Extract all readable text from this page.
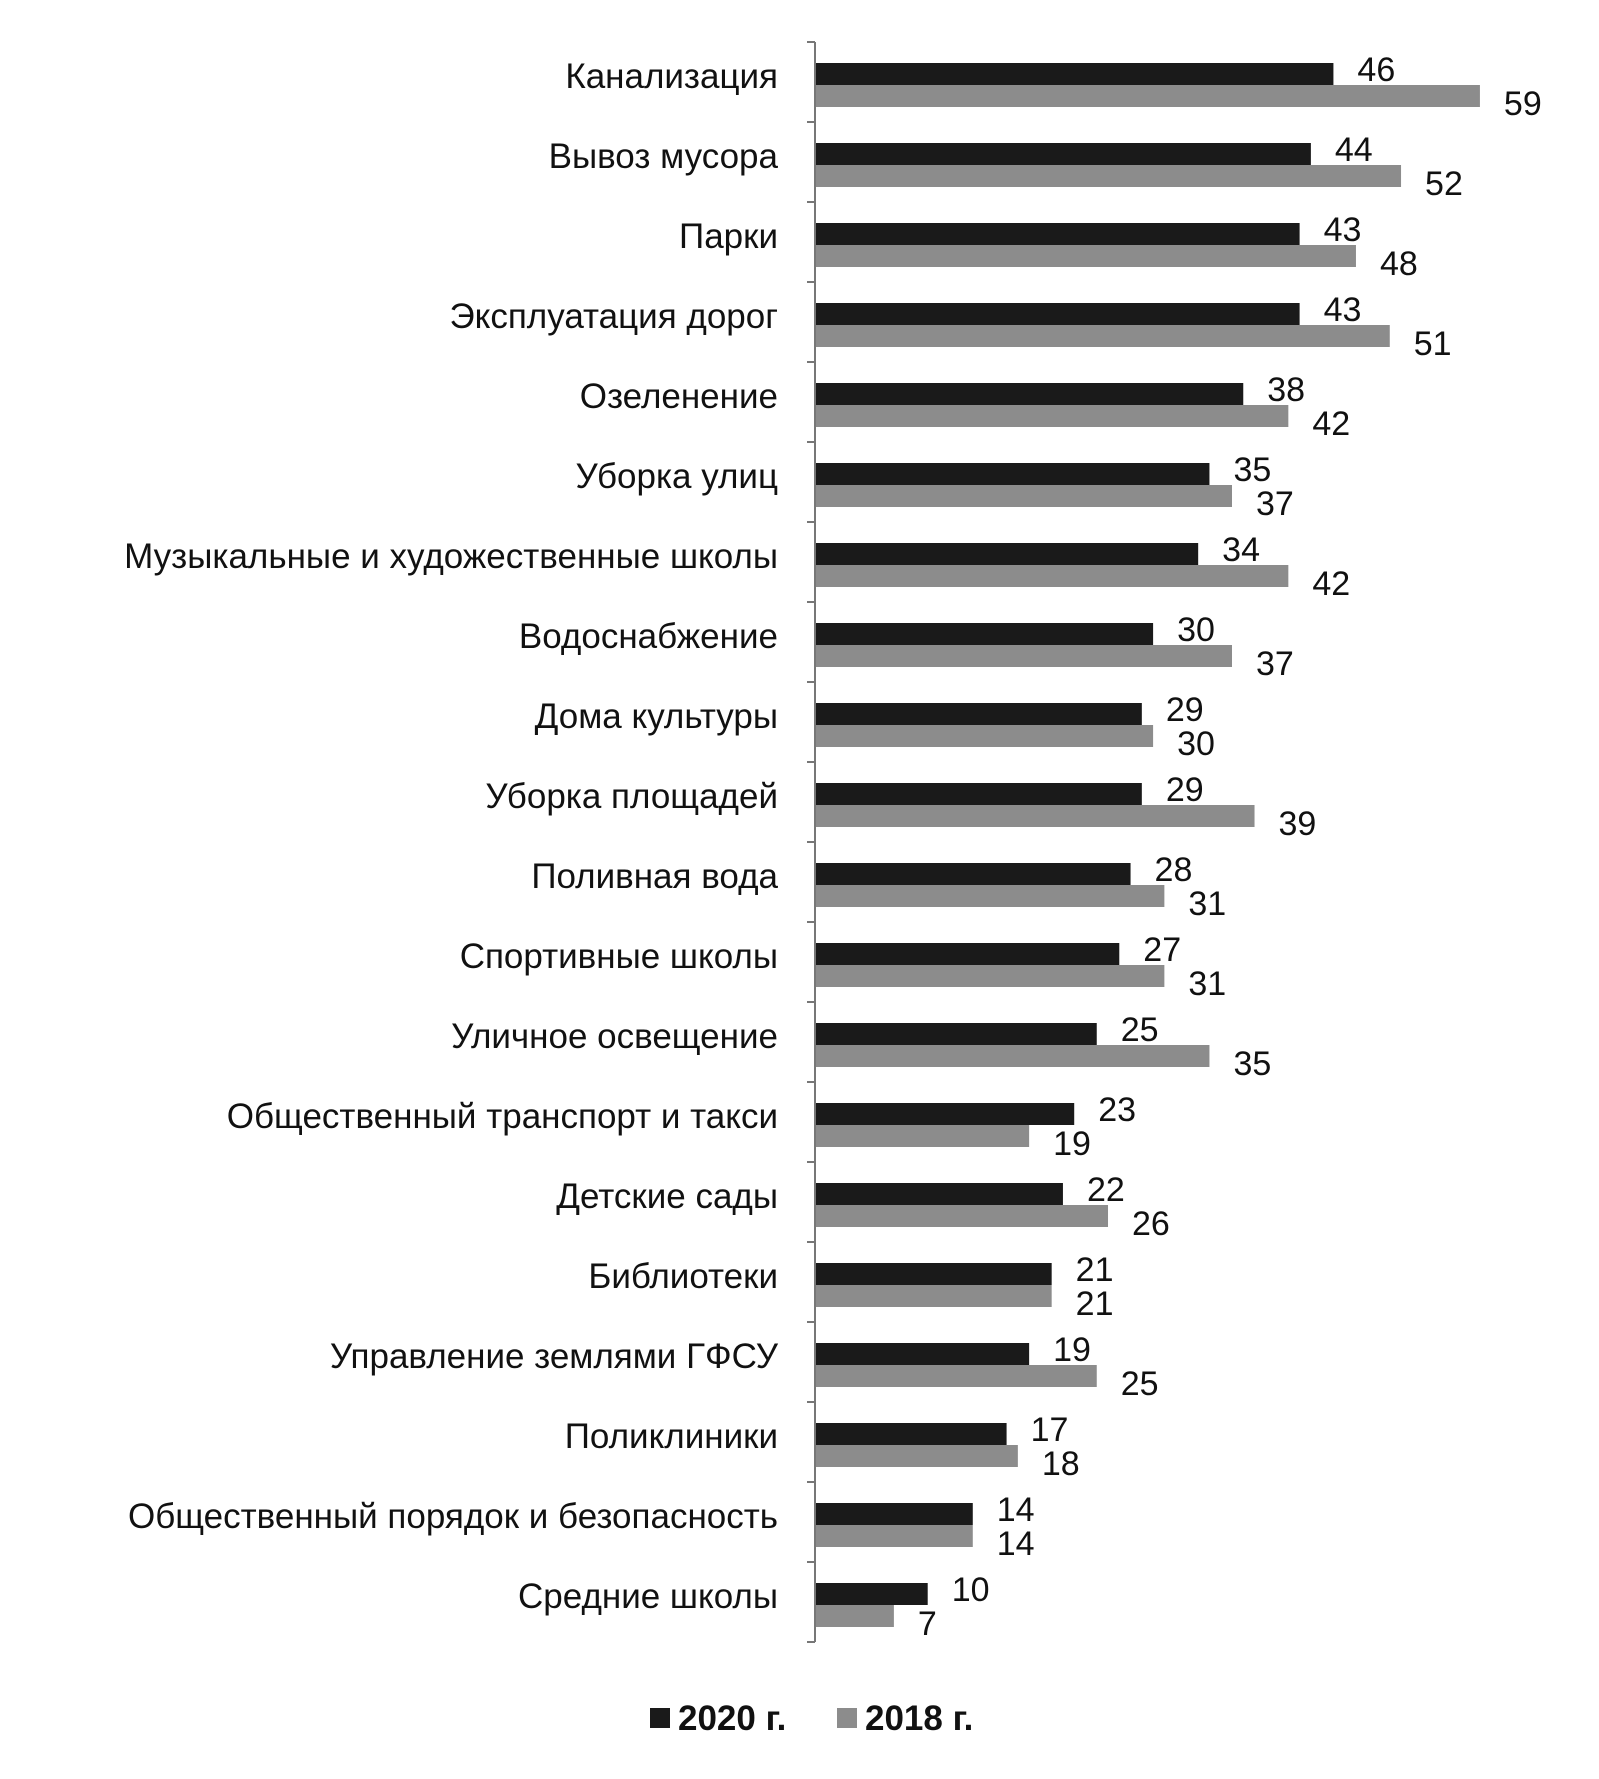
Канализация
Вывоз мусора
Парки
Эксплуатация дорог
Озеленение
Уборка улиц
Музыкальные и художественные школы
Водоснабжение
Дома культуры
Уборка площадей
Поливная вода
Спортивные школы
Уличное освещение
Общественный транспорт и такси
Детские сады
Библиотеки
Управление землями ГФСУ
Поликлиники
Общественный порядок и безопасность
Средние школы
46
59
44
52
43
48
43
51
38
42
35
37
34
42
30
37
29
30
29
39
28
31
27
31
25
35
23
19
22
26
21
21
19
25
17
18
14
14
10
7
2020 г. 2018 г.
